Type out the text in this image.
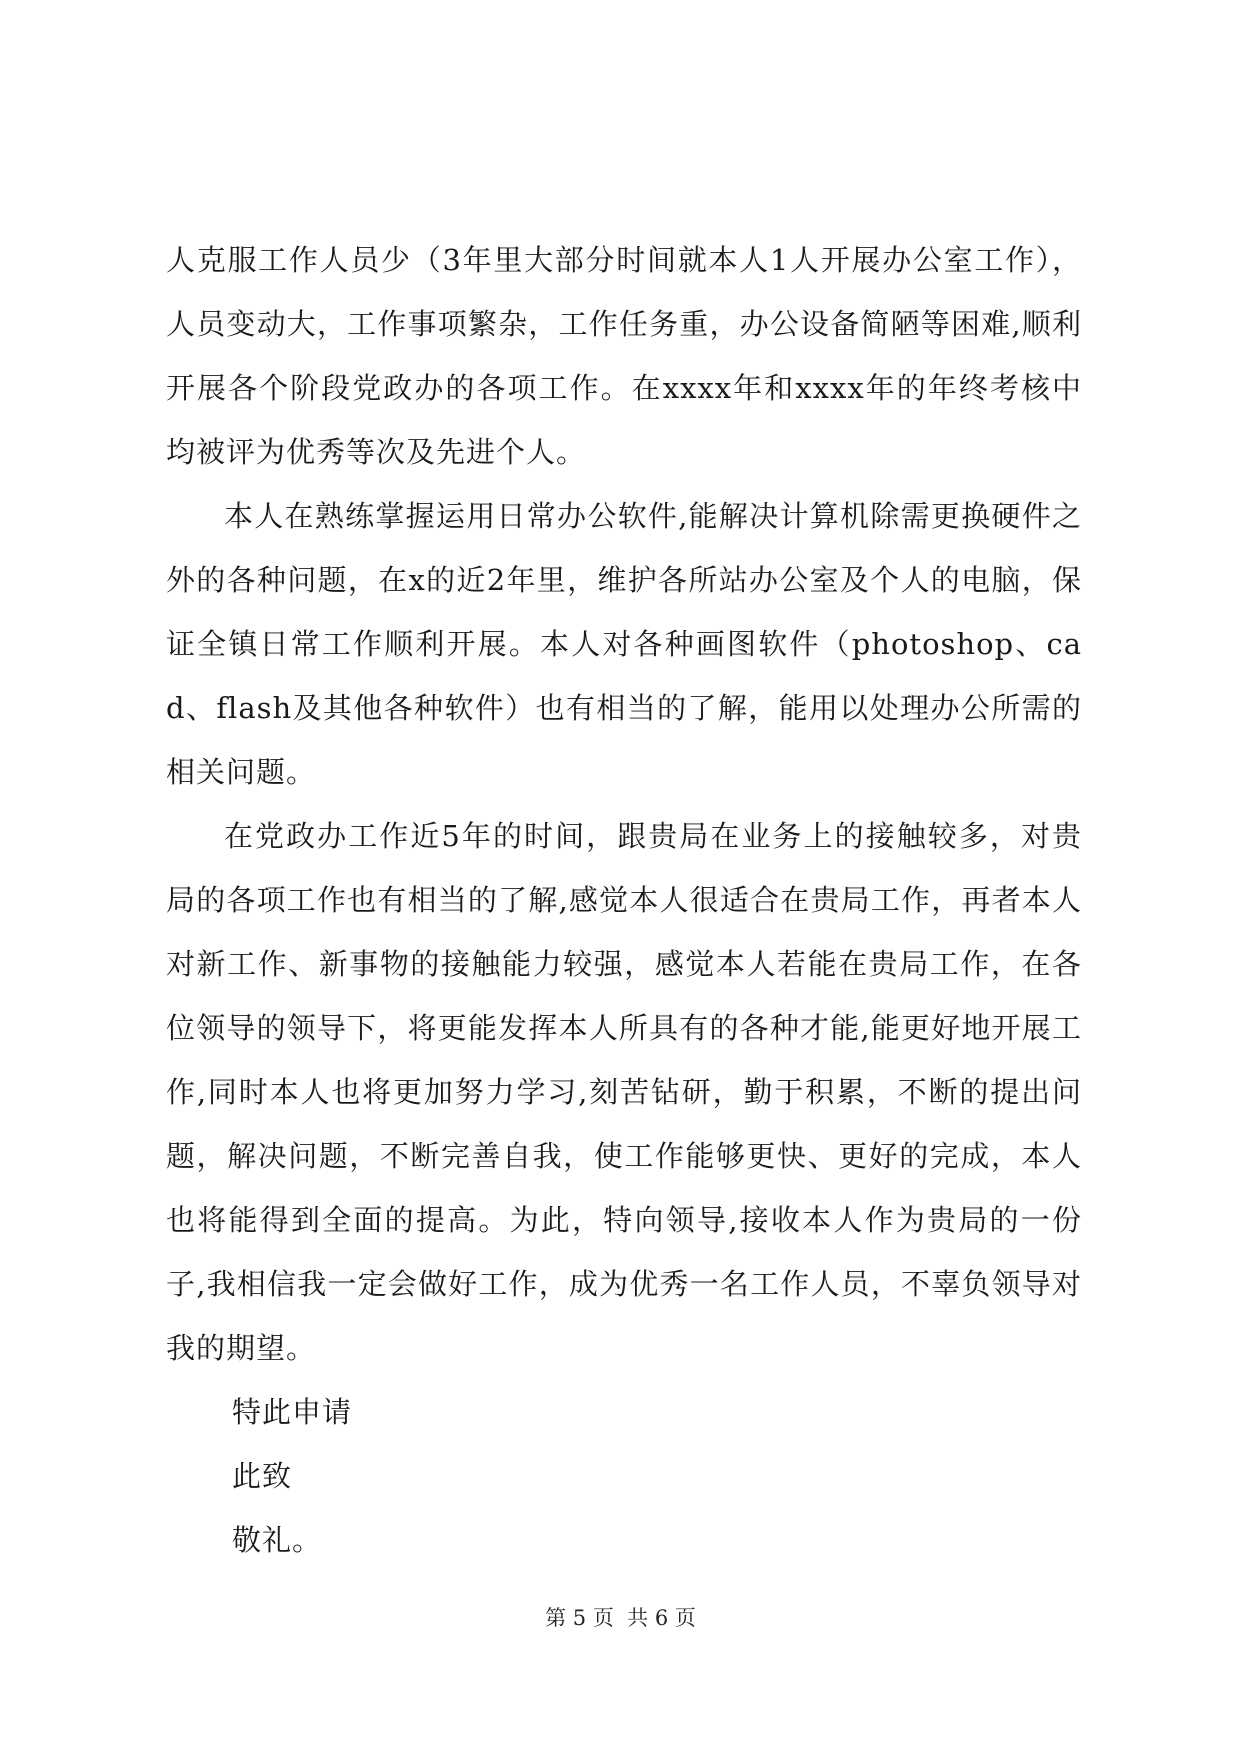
人克服工作人员少（3年里大部分时间就本人1人开展办公室工作），人员变动大，工作事项繁杂，工作任务重，办公设备简陋等困难,顺利开展各个阶段党政办的各项工作。在xxxx年和xxxx年的年终考核中均被评为优秀等次及先进个人。

本人在熟练掌握运用日常办公软件,能解决计算机除需更换硬件之外的各种问题，在x的近2年里，维护各所站办公室及个人的电脑，保证全镇日常工作顺利开展。本人对各种画图软件（photoshop、cad、flash及其他各种软件）也有相当的了解，能用以处理办公所需的相关问题。

在党政办工作近5年的时间，跟贵局在业务上的接触较多，对贵局的各项工作也有相当的了解,感觉本人很适合在贵局工作，再者本人对新工作、新事物的接触能力较强，感觉本人若能在贵局工作，在各位领导的领导下，将更能发挥本人所具有的各种才能,能更好地开展工作,同时本人也将更加努力学习,刻苦钻研，勤于积累，不断的提出问题，解决问题，不断完善自我，使工作能够更快、更好的完成，本人也将能得到全面的提高。为此，特向领导,接收本人作为贵局的一份子,我相信我一定会做好工作，成为优秀一名工作人员，不辜负领导对我的期望。

特此申请

此致

敬礼。

第 5 页  共 6 页
